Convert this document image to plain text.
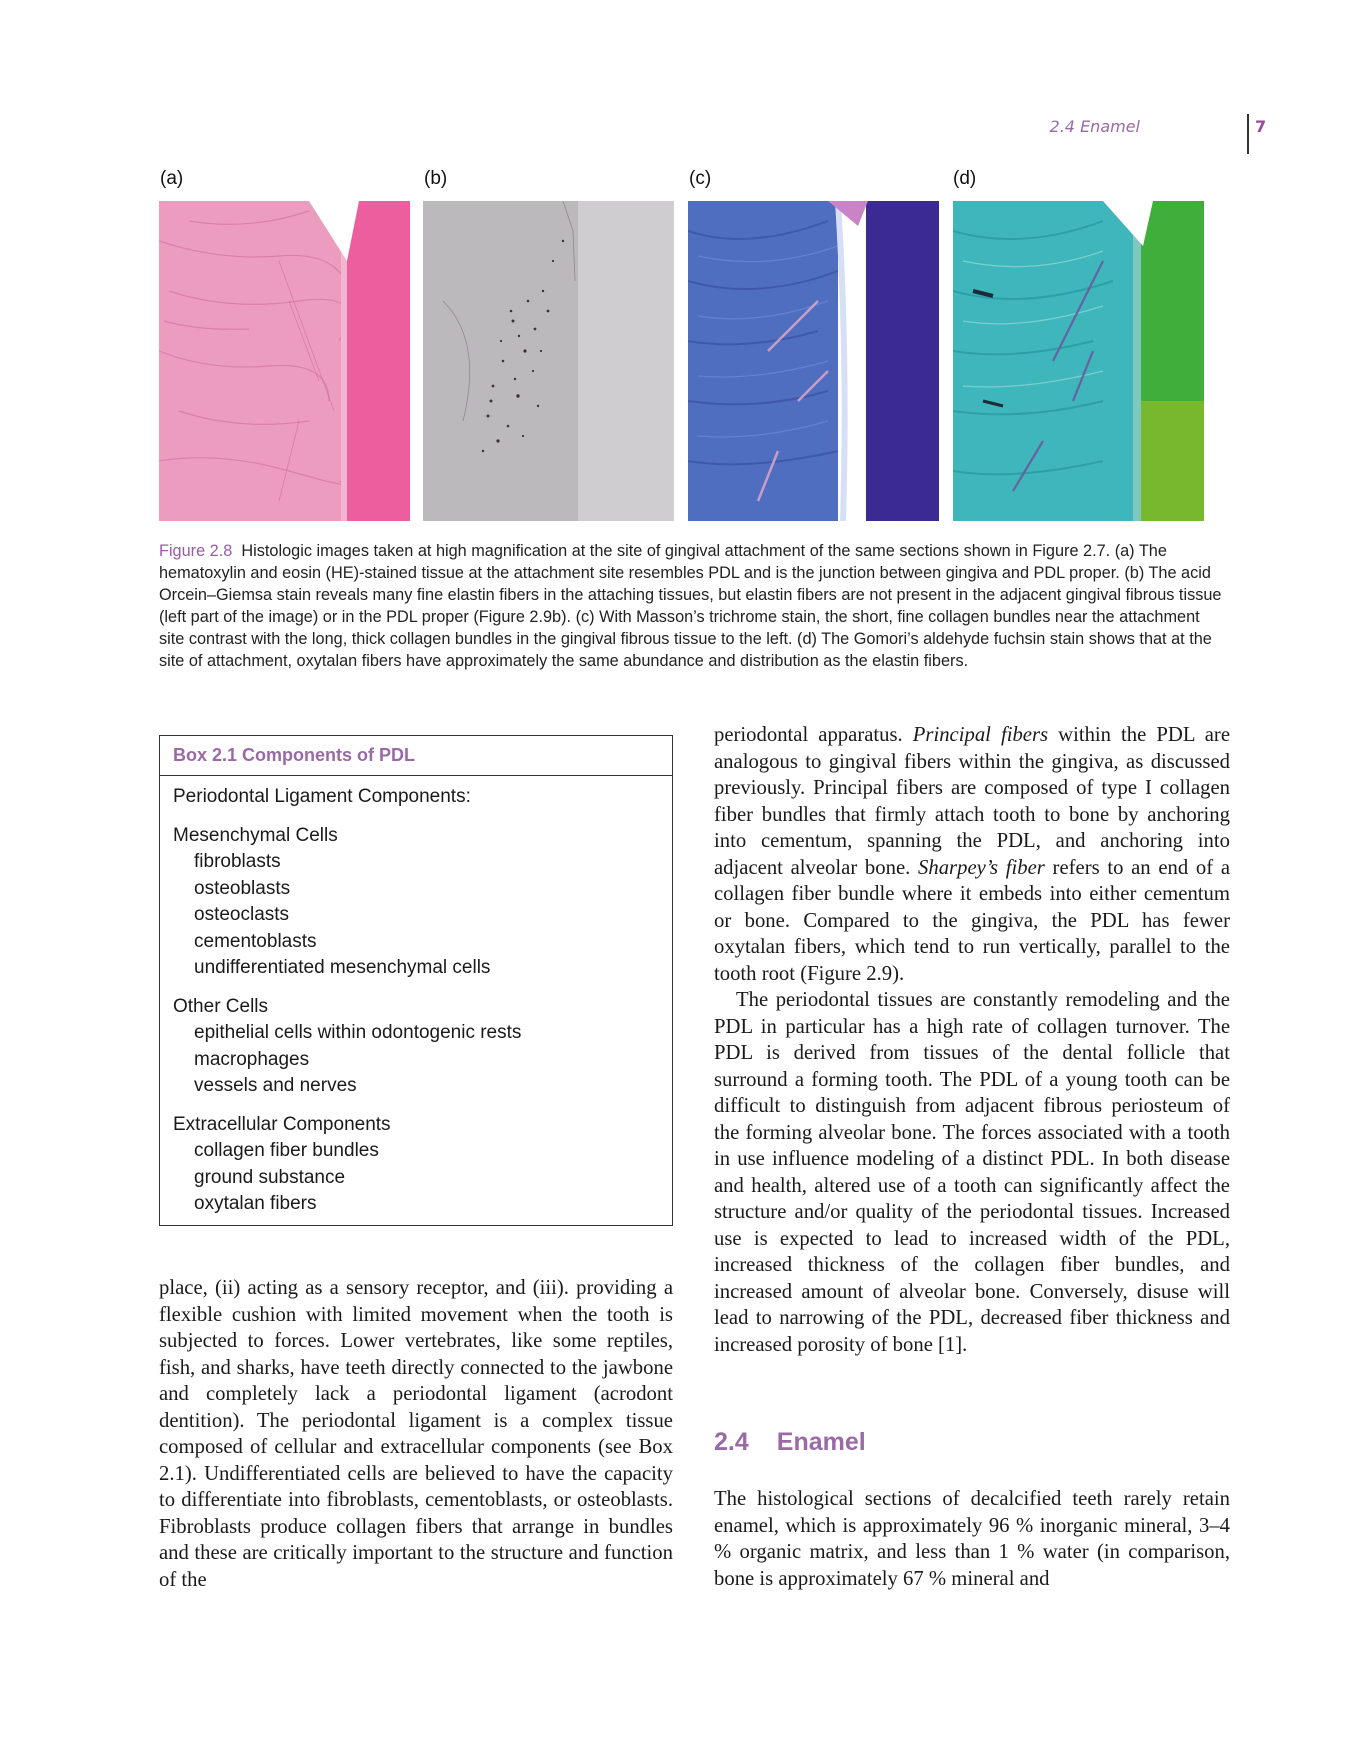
2.4 Enamel	7
(a)	(b)	(c)	(d)
Figure 2.8 Histologic images taken at high magnification at the site of gingival attachment of the same sections shown in Figure 2.7. (a) The hematoxylin and eosin (HE)-stained tissue at the attachment site resembles PDL and is the junction between gingiva and PDL proper. (b) The acid Orcein–Giemsa stain reveals many fine elastin fibers in the attaching tissues, but elastin fibers are not present in the adjacent gingival fibrous tissue (left part of the image) or in the PDL proper (Figure 2.9b). (c) With Masson’s trichrome stain, the short, fine collagen bundles near the attachment site contrast with the long, thick collagen bundles in the gingival fibrous tissue to the left. (d) The Gomori’s aldehyde fuchsin stain shows that at the site of attachment, oxytalan fibers have approximately the same abundance and distribution as the elastin fibers.
Box 2.1 Components of PDL
Periodontal Ligament Components:
Mesenchymal Cells
fibroblasts
osteoblasts
osteoclasts
cementoblasts
undifferentiated mesenchymal cells
Other Cells
epithelial cells within odontogenic rests
macrophages
vessels and nerves
Extracellular Components
collagen fiber bundles
ground substance
oxytalan fibers

place, (ii) acting as a sensory receptor, and (iii). providing a flexible cushion with limited movement when the tooth is subjected to forces. Lower vertebrates, like some reptiles, fish, and sharks, have teeth directly connected to the jawbone and completely lack a periodontal ligament (acrodont dentition). The periodontal ligament is a complex tissue composed of cellular and extracellular components (see Box 2.1). Undifferentiated cells are believed to have the capacity to differentiate into fibroblasts, cementoblasts, or osteoblasts. Fibroblasts produce collagen fibers that arrange in bundles and these are critically important to the structure and function of the

periodontal apparatus. Principal fibers within the PDL are analogous to gingival fibers within the gingiva, as discussed previously. Principal fibers are composed of type I collagen fiber bundles that firmly attach tooth to bone by anchoring into cementum, spanning the PDL, and anchoring into adjacent alveolar bone. Sharpey’s fiber refers to an end of a collagen fiber bundle where it embeds into either cementum or bone. Compared to the gingiva, the PDL has fewer oxytalan fibers, which tend to run vertically, parallel to the tooth root (Figure 2.9).

The periodontal tissues are constantly remodeling and the PDL in particular has a high rate of collagen turnover. The PDL is derived from tissues of the dental follicle that surround a forming tooth. The PDL of a young tooth can be difficult to distinguish from adjacent fibrous periosteum of the forming alveolar bone. The forces associated with a tooth in use influence modeling of a distinct PDL. In both disease and health, altered use of a tooth can significantly affect the structure and/or quality of the periodontal tissues. Increased use is expected to lead to increased width of the PDL, increased thickness of the collagen fiber bundles, and increased amount of alveolar bone. Conversely, disuse will lead to narrowing of the PDL, decreased fiber thickness and increased porosity of bone [1].

2.4 Enamel

The histological sections of decalcified teeth rarely retain enamel, which is approximately 96 % inorganic mineral, 3–4 % organic matrix, and less than 1 % water (in comparison, bone is approximately 67 % mineral and
